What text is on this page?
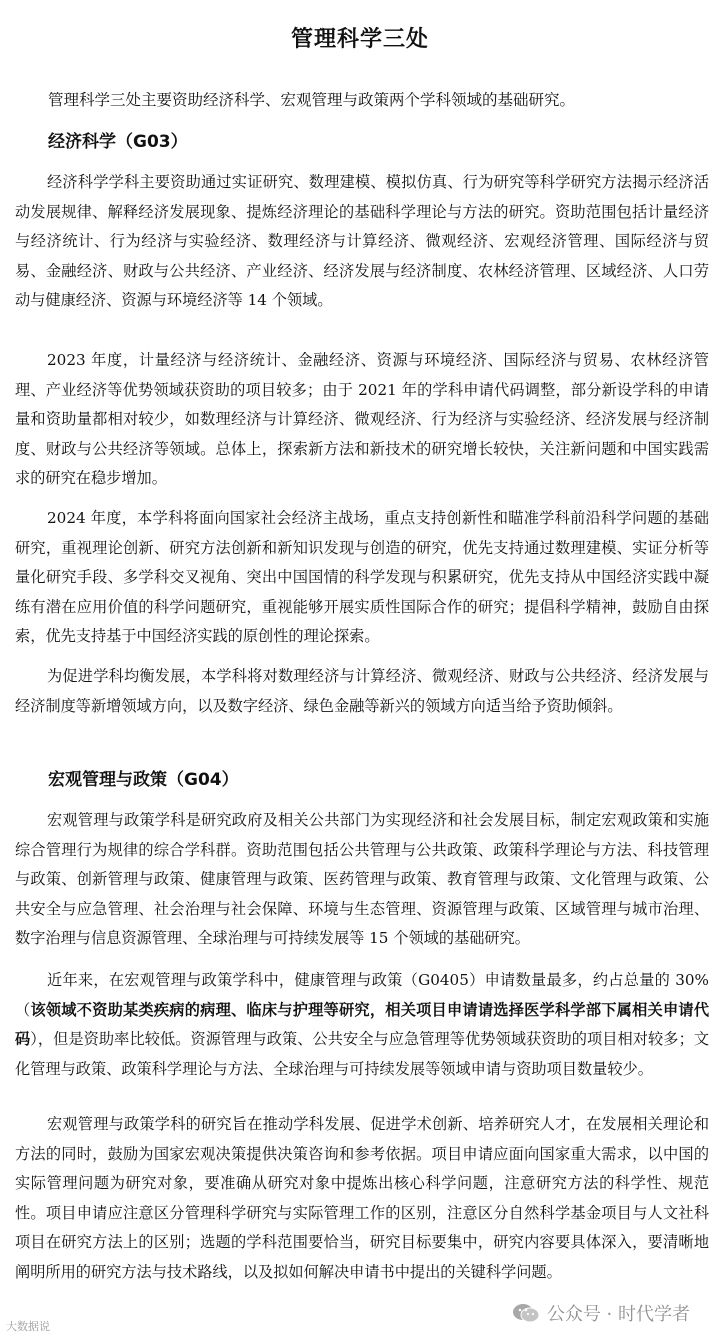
管理科学三处
管理科学三处主要资助经济科学、宏观管理与政策两个学科领域的基础研究。
经济科学（G03）

经济科学学科主要资助通过实证研究、数理建模、模拟仿真、行为研究等科学研究方法揭示经济活动发展规律、解释经济发展现象、提炼经济理论的基础科学理论与方法的研究。资助范围包括计量经济与经济统计、行为经济与实验经济、数理经济与计算经济、微观经济、宏观经济管理、国际经济与贸易、金融经济、财政与公共经济、产业经济、经济发展与经济制度、农林经济管理、区域经济、人口劳动与健康经济、资源与环境经济等 14 个领域。

2023 年度，计量经济与经济统计、金融经济、资源与环境经济、国际经济与贸易、农林经济管理、产业经济等优势领域获资助的项目较多；由于 2021 年的学科申请代码调整，部分新设学科的申请量和资助量都相对较少，如数理经济与计算经济、微观经济、行为经济与实验经济、经济发展与经济制度、财政与公共经济等领域。总体上，探索新方法和新技术的研究增长较快，关注新问题和中国实践需求的研究在稳步增加。

2024 年度，本学科将面向国家社会经济主战场，重点支持创新性和瞄准学科前沿科学问题的基础研究，重视理论创新、研究方法创新和新知识发现与创造的研究，优先支持通过数理建模、实证分析等量化研究手段、多学科交叉视角、突出中国国情的科学发现与积累研究，优先支持从中国经济实践中凝练有潜在应用价值的科学问题研究，重视能够开展实质性国际合作的研究；提倡科学精神，鼓励自由探索，优先支持基于中国经济实践的原创性的理论探索。

为促进学科均衡发展，本学科将对数理经济与计算经济、微观经济、财政与公共经济、经济发展与经济制度等新增领域方向，以及数字经济、绿色金融等新兴的领域方向适当给予资助倾斜。

宏观管理与政策（G04）

宏观管理与政策学科是研究政府及相关公共部门为实现经济和社会发展目标，制定宏观政策和实施综合管理行为规律的综合学科群。资助范围包括公共管理与公共政策、政策科学理论与方法、科技管理与政策、创新管理与政策、健康管理与政策、医药管理与政策、教育管理与政策、文化管理与政策、公共安全与应急管理、社会治理与社会保障、环境与生态管理、资源管理与政策、区域管理与城市治理、数字治理与信息资源管理、全球治理与可持续发展等 15 个领域的基础研究。

近年来，在宏观管理与政策学科中，健康管理与政策（G0405）申请数量最多，约占总量的 30%（该领域不资助某类疾病的病理、临床与护理等研究，相关项目申请请选择医学科学部下属相关申请代码），但是资助率比较低。资源管理与政策、公共安全与应急管理等优势领域获资助的项目相对较多；文化管理与政策、政策科学理论与方法、全球治理与可持续发展等领域申请与资助项目数量较少。

宏观管理与政策学科的研究旨在推动学科发展、促进学术创新、培养研究人才，在发展相关理论和方法的同时，鼓励为国家宏观决策提供决策咨询和参考依据。项目申请应面向国家重大需求，以中国的实际管理问题为研究对象，要准确从研究对象中提炼出核心科学问题，注意研究方法的科学性、规范性。项目申请应注意区分管理科学研究与实际管理工作的区别，注意区分自然科学基金项目与人文社科项目在研究方法上的区别；选题的学科范围要恰当，研究目标要集中，研究内容要具体深入，要清晰地阐明所用的研究方法与技术路线，以及拟如何解决申请书中提出的关键科学问题。

公众号 · 时代学者
大数据说
